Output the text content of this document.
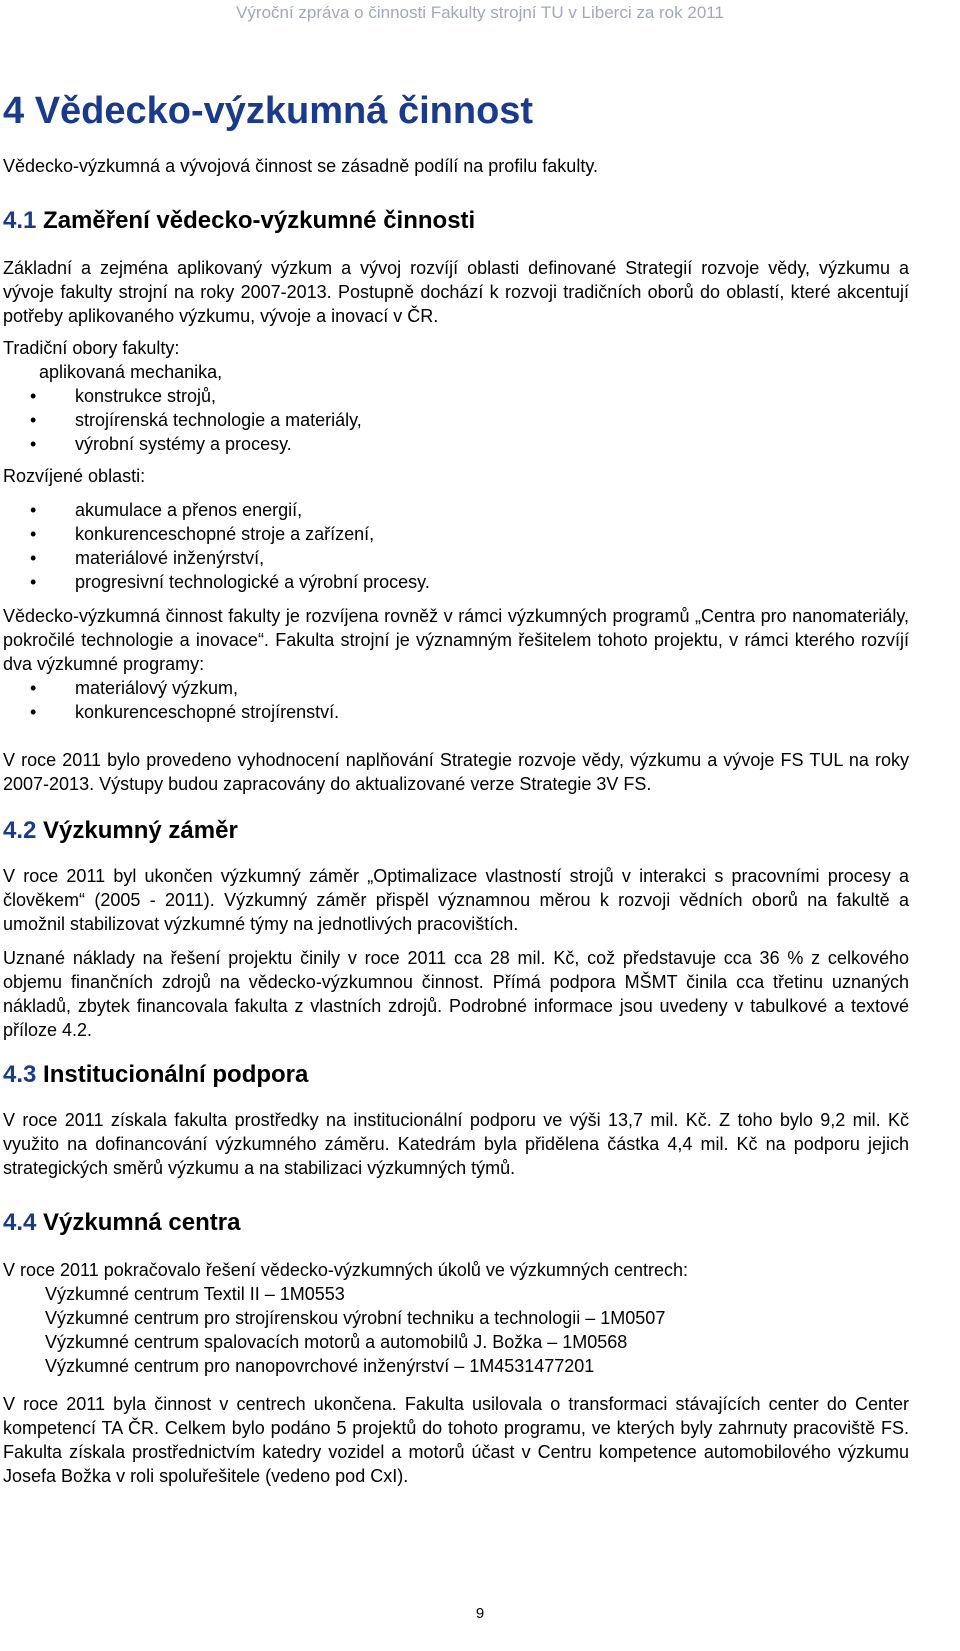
Výroční zpráva o činnosti Fakulty strojní TU v Liberci za rok 2011
4 Vědecko-výzkumná činnost

Vědecko-výzkumná a vývojová činnost se zásadně podílí na profilu fakulty.

4.1 Zaměření vědecko-výzkumné činnosti

Základní a zejména aplikovaný výzkum a vývoj rozvíjí oblasti definované Strategií rozvoje vědy, výzkumu a vývoje fakulty strojní na roky 2007-2013. Postupně dochází k rozvoji tradičních oborů do oblastí, které akcentují potřeby aplikovaného výzkumu, vývoje a inovací v ČR.

Tradiční obory fakulty:

aplikovaná mechanika,
• konstrukce strojů,
• strojírenská technologie a materiály,
• výrobní systémy a procesy.

Rozvíjené oblasti:

• akumulace a přenos energií,
• konkurenceschopné stroje a zařízení,
• materiálové inženýrství,
• progresivní technologické a výrobní procesy.

Vědecko-výzkumná činnost fakulty je rozvíjena rovněž v rámci výzkumných programů „Centra pro nanomateriály, pokročilé technologie a inovace“. Fakulta strojní je významným řešitelem tohoto projektu, v rámci kterého rozvíjí dva výzkumné programy:

• materiálový výzkum,
• konkurenceschopné strojírenství.

V roce 2011 bylo provedeno vyhodnocení naplňování Strategie rozvoje vědy, výzkumu a vývoje FS TUL na roky 2007-2013. Výstupy budou zapracovány do aktualizované verze Strategie 3V FS.

4.2 Výzkumný záměr

V roce 2011 byl ukončen výzkumný záměr „Optimalizace vlastností strojů v interakci s pracovními procesy a člověkem“ (2005 - 2011). Výzkumný záměr přispěl významnou měrou k rozvoji vědních oborů na fakultě a umožnil stabilizovat výzkumné týmy na jednotlivých pracovištích.

Uznané náklady na řešení projektu činily v roce 2011 cca 28 mil. Kč, což představuje cca 36 % z celkového objemu finančních zdrojů na vědecko-výzkumnou činnost. Přímá podpora MŠMT činila cca třetinu uznaných nákladů, zbytek financovala fakulta z vlastních zdrojů. Podrobné informace jsou uvedeny v tabulkové a textové příloze 4.2.

4.3 Institucionální podpora

V roce 2011 získala fakulta prostředky na institucionální podporu ve výši 13,7 mil. Kč. Z toho bylo 9,2 mil. Kč využito na dofinancování výzkumného záměru. Katedrám byla přidělena částka 4,4 mil. Kč na podporu jejich strategických směrů výzkumu a na stabilizaci výzkumných týmů.

4.4 Výzkumná centra

V roce 2011 pokračovalo řešení vědecko-výzkumných úkolů ve výzkumných centrech:

Výzkumné centrum Textil II – 1M0553
Výzkumné centrum pro strojírenskou výrobní techniku a technologii – 1M0507
Výzkumné centrum spalovacích motorů a automobilů J. Božka – 1M0568
Výzkumné centrum pro nanopovrchové inženýrství – 1M4531477201

V roce 2011 byla činnost v centrech ukončena. Fakulta usilovala o transformaci stávajících center do Center kompetencí TA ČR. Celkem bylo podáno 5 projektů do tohoto programu, ve kterých byly zahrnuty pracoviště FS. Fakulta získala prostřednictvím katedry vozidel a motorů účast v Centru kompetence automobilového výzkumu Josefa Božka v roli spoluřešitele (vedeno pod CxI).

9
